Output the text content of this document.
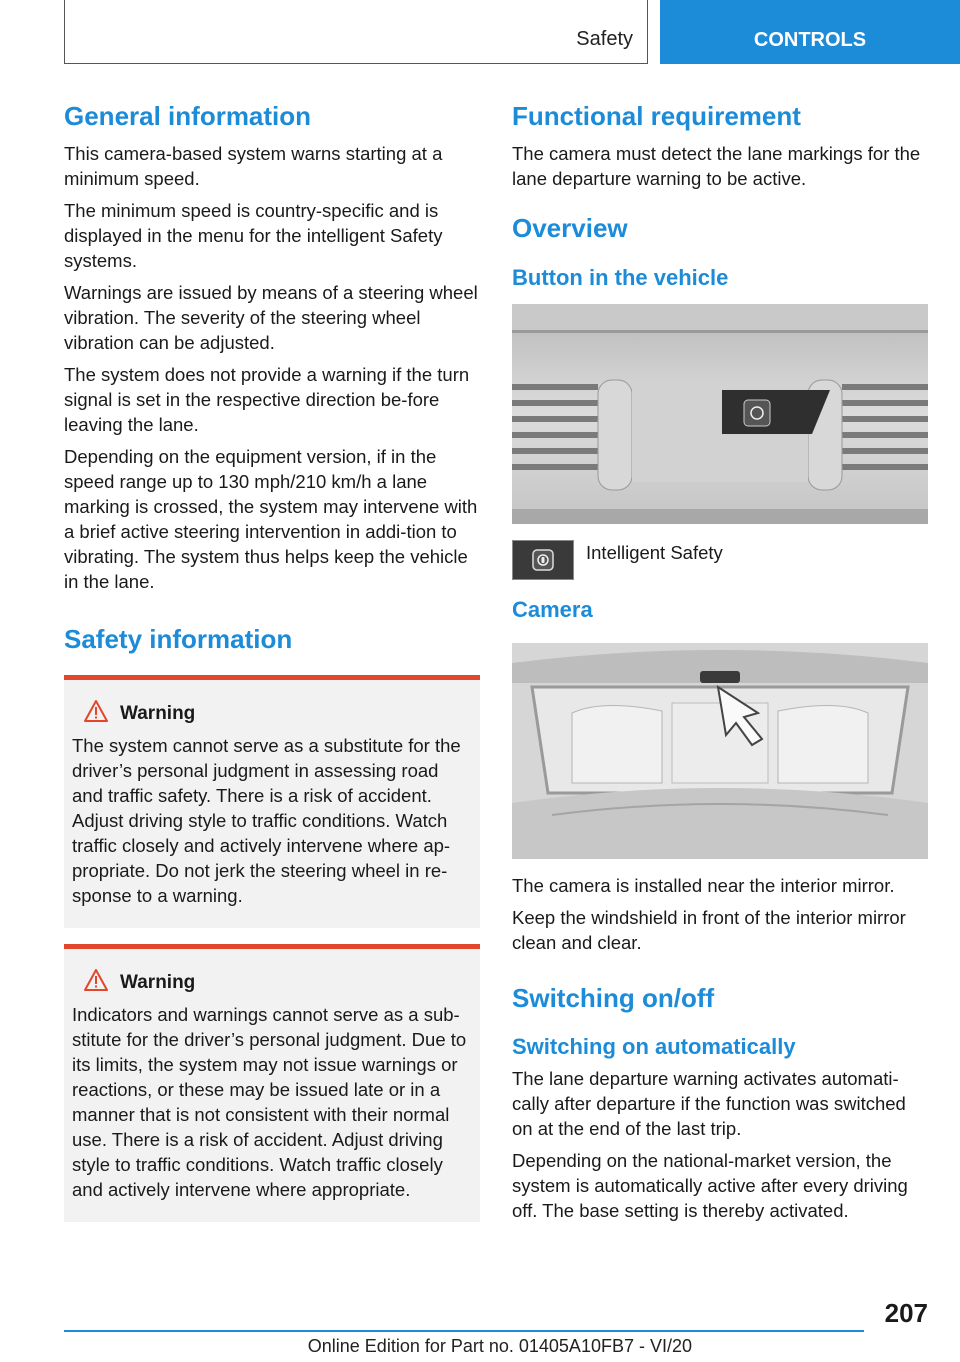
Safety	CONTROLS
General information

This camera-based system warns starting at a minimum speed.

The minimum speed is country-specific and is displayed in the menu for the intelligent Safety systems.

Warnings are issued by means of a steering wheel vibration. The severity of the steering wheel vibration can be adjusted.

The system does not provide a warning if the turn signal is set in the respective direction be-fore leaving the lane.

Depending on the equipment version, if in the speed range up to 130 mph/210 km/h a lane marking is crossed, the system may intervene with a brief active steering intervention in addi-tion to vibrating. The system thus helps keep the vehicle in the lane.

Safety information
Warning

The system cannot serve as a substitute for the driver’s personal judgment in assessing road and traffic safety. There is a risk of accident. Adjust driving style to traffic conditions. Watch traffic closely and actively intervene where ap-propriate. Do not jerk the steering wheel in re-sponse to a warning.

Warning

Indicators and warnings cannot serve as a sub-stitute for the driver’s personal judgment. Due to its limits, the system may not issue warnings or reactions, or these may be issued late or in a manner that is not consistent with their normal use. There is a risk of accident. Adjust driving style to traffic conditions. Watch traffic closely and actively intervene where appropriate.

Functional requirement

The camera must detect the lane markings for the lane departure warning to be active.

Overview
Button in the vehicle
Intelligent Safety
Camera

The camera is installed near the interior mirror.

Keep the windshield in front of the interior mirror clean and clear.

Switching on/off
Switching on automatically

The lane departure warning activates automati-cally after departure if the function was switched on at the end of the last trip.

Depending on the national-market version, the system is automatically active after every driving off. The base setting is thereby activated.

207
Online Edition for Part no. 01405A10FB7 - VI/20
